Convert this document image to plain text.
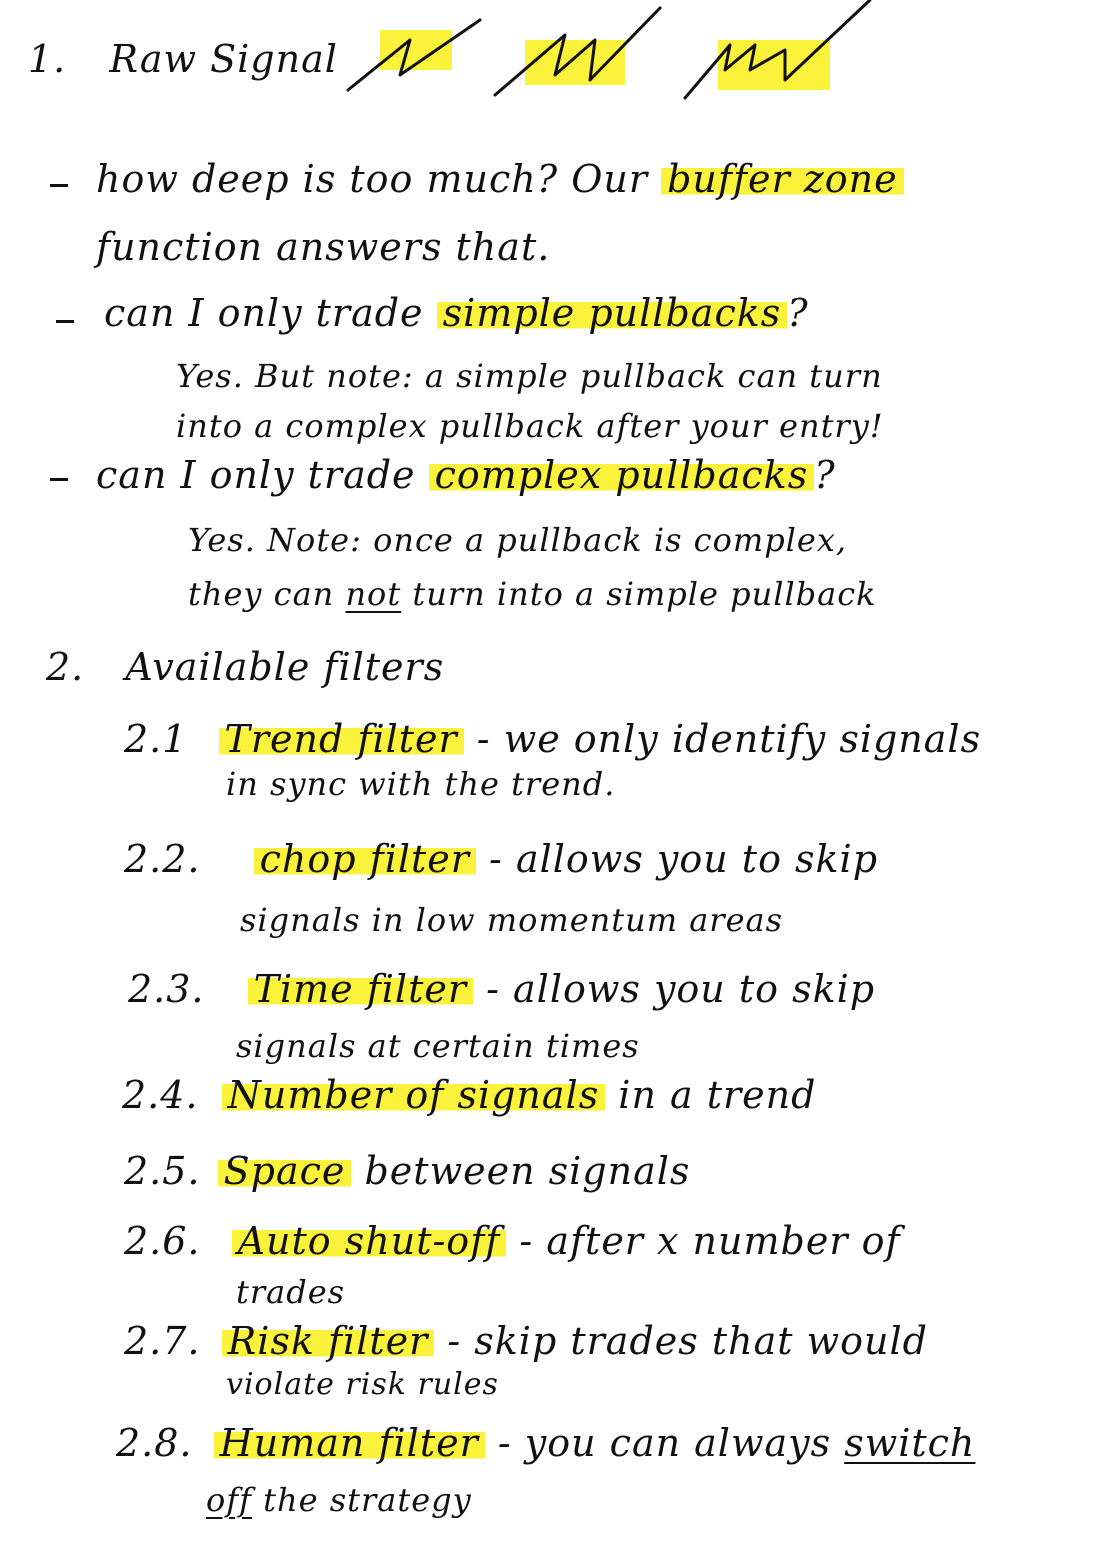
1. Raw Signal
how deep is too much? Our buffer zone
function answers that.
can I only trade simple pullbacks ?
Yes. But note: a simple pullback can turn
into a complex pullback after your entry!
can I only trade complex pullbacks ?
Yes. Note: once a pullback is complex,
they can not turn into a simple pullback
2. Available filters
2.1 Trend filter - we only identify signals
in sync with the trend.
2.2. chop filter - allows you to skip
signals in low momentum areas
2.3. Time filter - allows you to skip
signals at certain times
2.4. Number of signals in a trend
2.5. Space between signals
2.6. Auto shut-off - after x number of
trades
2.7. Risk filter - skip trades that would
violate risk rules
2.8. Human filter - you can always switch
off the strategy
